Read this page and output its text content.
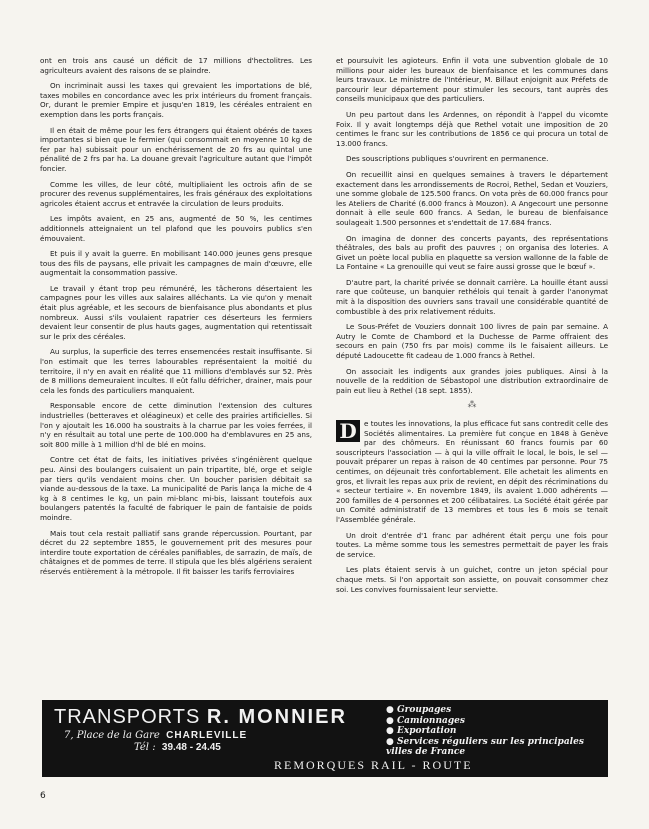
ont en trois ans causé un déficit de 17 millions d'hectolitres. Les agriculteurs avaient des raisons de se plaindre.

On incriminait aussi les taxes qui grevaient les importations de blé, taxes mobiles en concordance avec les prix intérieurs du froment français. Or, durant le premier Empire et jusqu'en 1819, les céréales entraient en exemption dans les ports français.

Il en était de même pour les fers étrangers qui étaient obérés de taxes importantes si bien que le fermier (qui consommait en moyenne 10 kg de fer par ha) subissait pour un enchérissement de 20 frs au quintal une pénalité de 2 frs par ha. La douane grevait l'agriculture autant que l'impôt foncier.

Comme les villes, de leur côté, multipliaient les octrois afin de se procurer des revenus supplémentaires, les frais généraux des exploitations agricoles étaient accrus et entravée la circulation de leurs produits.

Les impôts avaient, en 25 ans, augmenté de 50 %, les centimes additionnels atteignaient un tel plafond que les pouvoirs publics s'en émouvaient.

Et puis il y avait la guerre. En mobilisant 140.000 jeunes gens presque tous des fils de paysans, elle privait les campagnes de main d'œuvre, elle augmentait la consommation passive.

Le travail y étant trop peu rémunéré, les tâcherons désertaient les campagnes pour les villes aux salaires alléchants. La vie qu'on y menait était plus agréable, et les secours de bienfaisance plus abondants et plus nombreux. Aussi s'ils voulaient rapatrier ces déserteurs les fermiers devaient leur consentir de plus hauts gages, augmentation qui retentissait sur le prix des céréales.

Au surplus, la superficie des terres ensemencées restait insuffisante. Si l'on estimait que les terres labourables représentaient la moitié du territoire, il n'y en avait en réalité que 11 millions d'emblavés sur 52. Près de 8 millions demeuraient incultes. Il eût fallu défricher, drainer, mais pour cela les fonds des particuliers manquaient.

Responsable encore de cette diminution l'extension des cultures industrielles (betteraves et oléagineux) et celle des prairies artificielles. Si l'on y ajoutait les 16.000 ha soustraits à la charrue par les voies ferrées, il n'y en résultait au total une perte de 100.000 ha d'emblavures en 25 ans, soit 800 mille à 1 million d'hl de blé en moins.

Contre cet état de faits, les initiatives privées s'ingénièrent quelque peu. Ainsi des boulangers cuisaient un pain tripartite, blé, orge et seigle par tiers qu'ils vendaient moins cher. Un boucher parisien débitait sa viande au-dessous de la taxe. La municipalité de Paris lança la miche de 4 kg à 8 centimes le kg, un pain mi-blanc mi-bis, laissant toutefois aux boulangers patentés la faculté de fabriquer le pain de fantaisie de poids moindre.

Mais tout cela restait palliatif sans grande répercussion. Pourtant, par décret du 22 septembre 1855, le gouvernement prit des mesures pour interdire toute exportation de céréales panifiables, de sarrazin, de maïs, de châtaignes et de pommes de terre. Il stipula que les blés algériens seraient réservés entièrement à la métropole. Il fit baisser les tarifs ferroviaires

et poursuivit les agioteurs. Enfin il vota une subvention globale de 10 millions pour aider les bureaux de bienfaisance et les communes dans leurs travaux. Le ministre de l'Intérieur, M. Billaut enjoignit aux Préfets de parcourir leur département pour stimuler les secours, tant auprès des conseils municipaux que des particuliers.

Un peu partout dans les Ardennes, on répondit à l'appel du vicomte Foix. Il y avait longtemps déjà que Rethel votait une imposition de 20 centimes le franc sur les contributions de 1856 ce qui procura un total de 13.000 francs.

Des souscriptions publiques s'ouvrirent en permanence.

On recueillit ainsi en quelques semaines à travers le département exactement dans les arrondissements de Rocroi, Rethel, Sedan et Vouziers, une somme globale de 125.500 francs. On vota près de 60.000 francs pour les Ateliers de Charité (6.000 francs à Mouzon). A Angecourt une personne donnait à elle seule 600 francs. A Sedan, le bureau de bienfaisance soulageait 1.500 personnes et s'endettait de 17.684 francs.

On imagina de donner des concerts payants, des représentations théâtrales, des bals au profit des pauvres ; on organisa des loteries. A Givet un poète local publia en plaquette sa version wallonne de la fable de La Fontaine « La grenouille qui veut se faire aussi grosse que le bœuf ».

D'autre part, la charité privée se donnait carrière. La houille étant aussi rare que coûteuse, un banquier rethélois qui tenait à garder l'anonymat mit à la disposition des ouvriers sans travail une considérable quantité de combustible à des prix relativement réduits.

Le Sous-Préfet de Vouziers donnait 100 livres de pain par semaine. A Autry le Comte de Chambord et la Duchesse de Parme offraient des secours en pain (750 frs par mois) comme ils le faisaient ailleurs. Le député Ladoucette fit cadeau de 1.000 francs à Rethel.

On associait les indigents aux grandes joies publiques. Ainsi à la nouvelle de la reddition de Sébastopol une distribution extraordinaire de pain eut lieu à Rethel (18 sept. 1855).

⁂

D	e toutes les innovations, la plus efficace fut sans contredit celle des Sociétés alimentaires. La première fut conçue en 1848 à Genève par des chômeurs. En réunissant 60 francs fournis par 60 souscripteurs l'association — à qui la ville offrait le local, le bois, le sel — pouvait préparer un repas à raison de 40 centimes par personne. Pour 75 centimes, on déjeunait très confortablement. Elle achetait les aliments en gros, et livrait les repas aux prix de revient, en dépit des récriminations du « secteur tertiaire ». En novembre 1849, ils avaient 1.000 adhérents — 200 familles de 4 personnes et 200 célibataires. La Société était gérée par un Comité administratif de 13 membres et tous les 6 mois se tenait l'Assemblée générale.

Un droit d'entrée d'1 franc par adhérent était perçu une fois pour toutes. La même somme tous les semestres permettait de payer les frais de service.

Les plats étaient servis à un guichet, contre un jeton spécial pour chaque mets. Si l'on apportait son assiette, on pouvait consommer chez soi. Les convives fournissaient leur serviette.

TRANSPORTS R. MONNIER
7, Place de la Gare CHARLEVILLE
Tél : 39.48 - 24.45
● Groupages
● Camionnages
● Exportation
● Services réguliers sur les principales villes de France
REMORQUES RAIL - ROUTE
6
